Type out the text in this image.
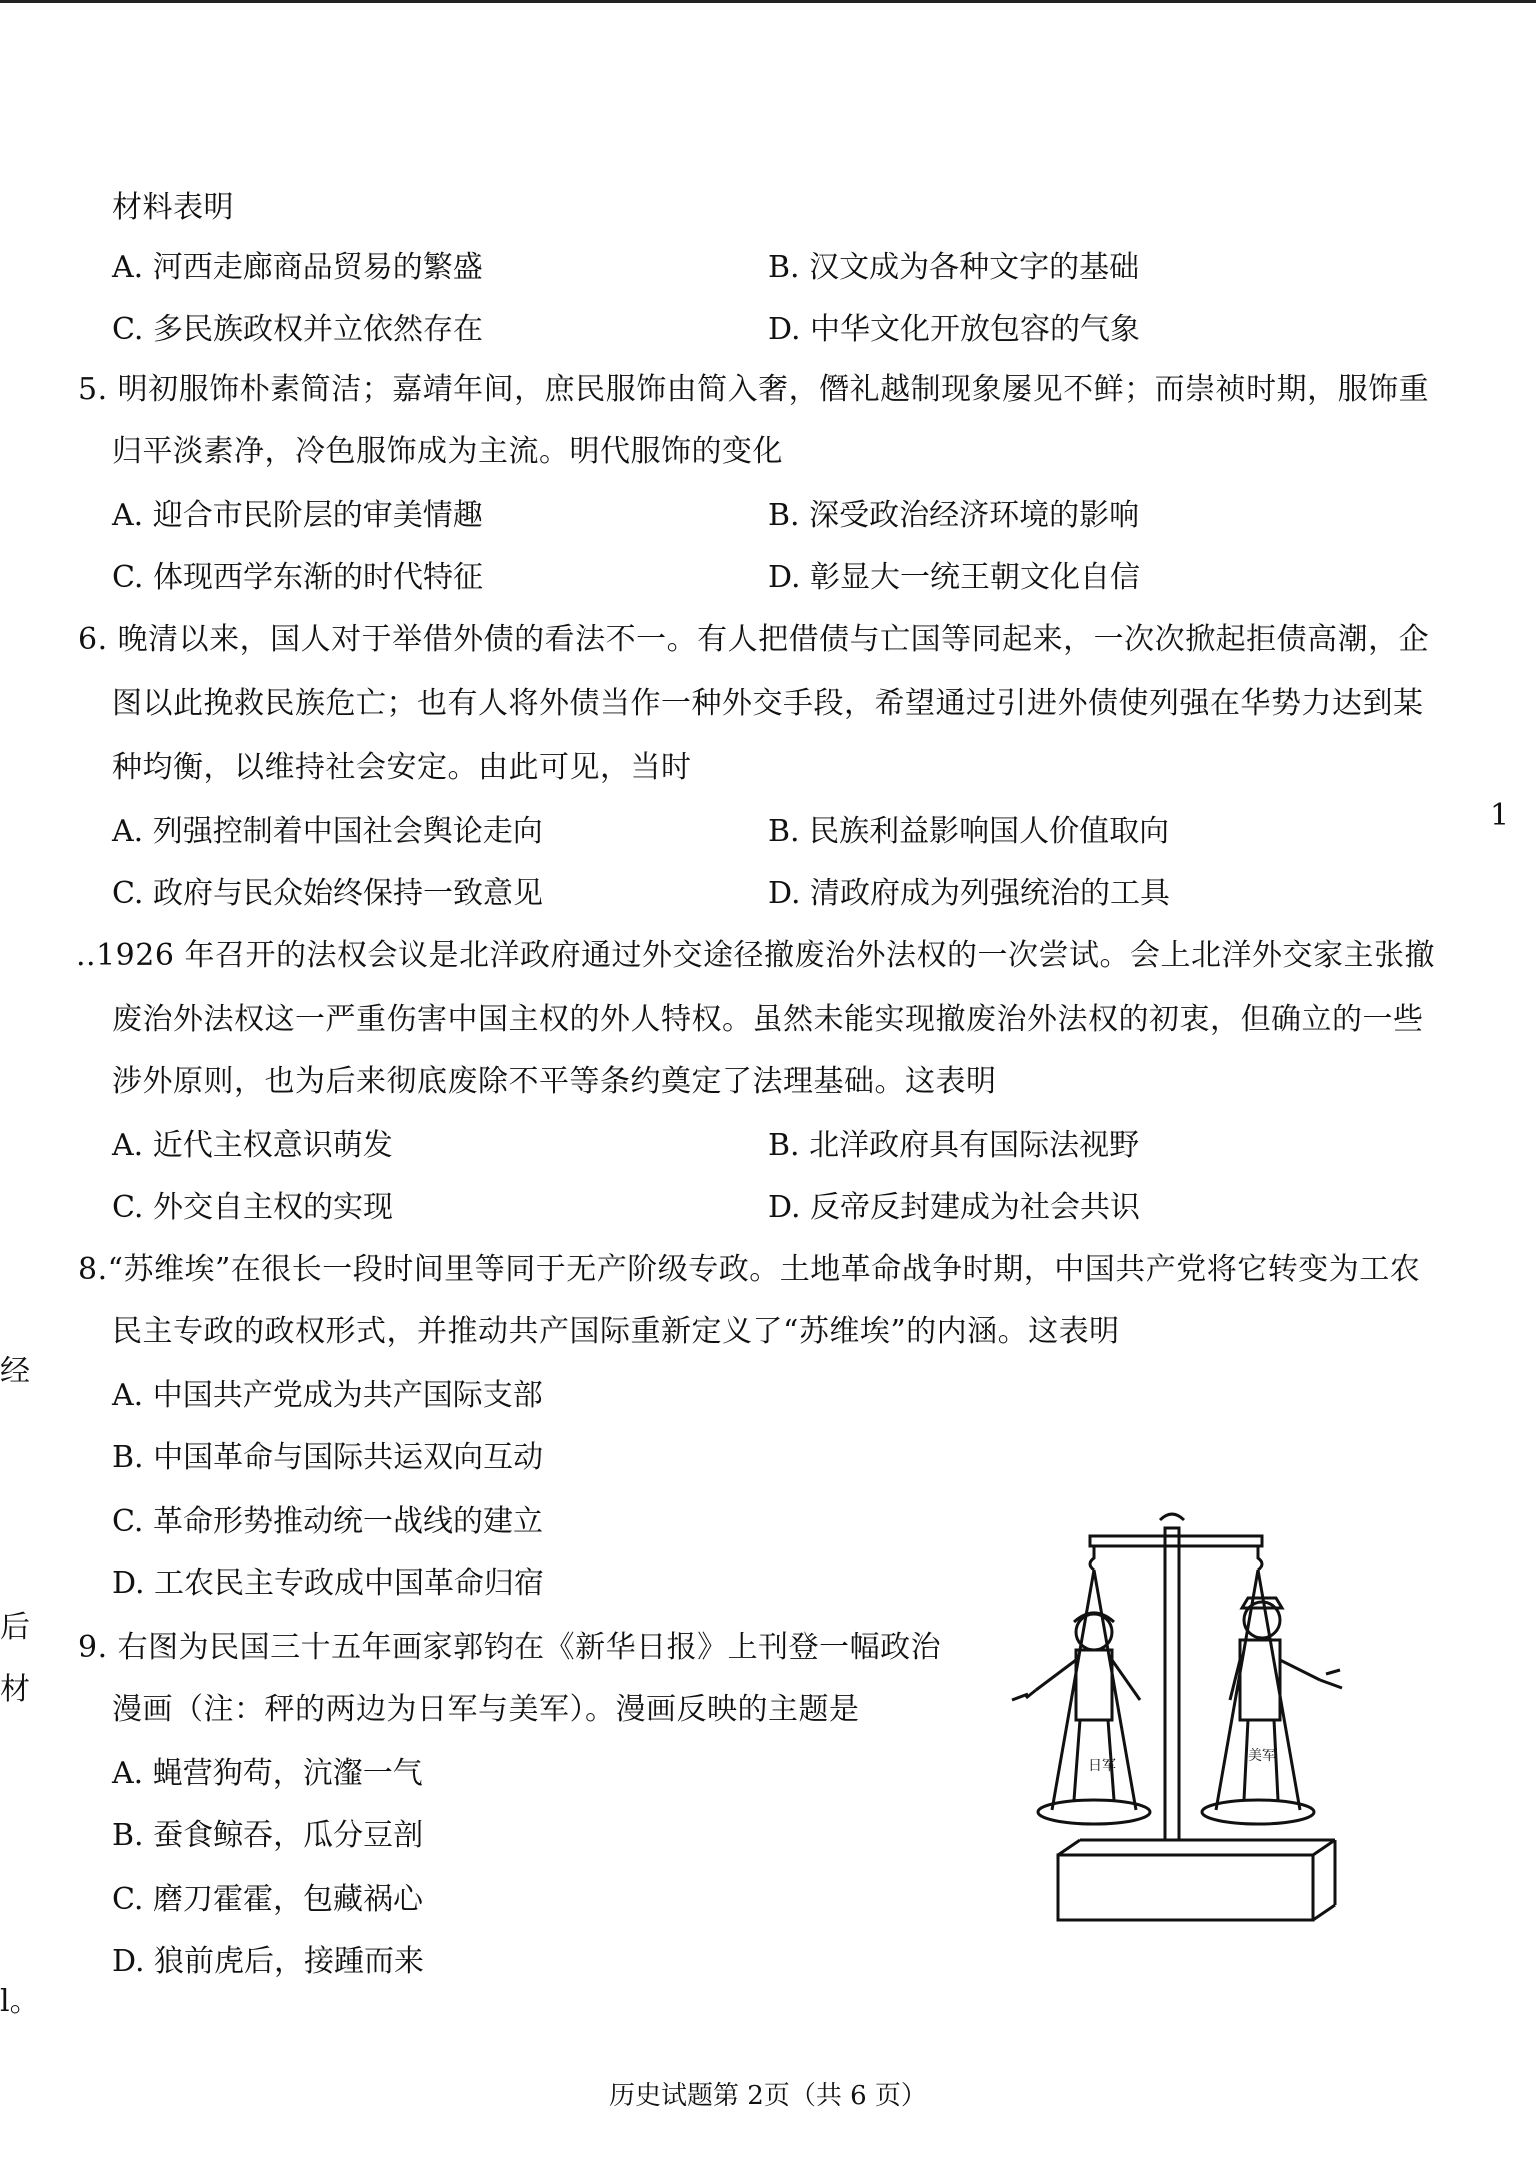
材料表明
A. 河西走廊商品贸易的繁盛	B. 汉文成为各种文字的基础
C. 多民族政权并立依然存在	D. 中华文化开放包容的气象
5. 明初服饰朴素简洁；嘉靖年间，庶民服饰由简入奢，僭礼越制现象屡见不鲜；而崇祯时期，服饰重
归平淡素净，冷色服饰成为主流。明代服饰的变化
A. 迎合市民阶层的审美情趣	B. 深受政治经济环境的影响
C. 体现西学东渐的时代特征	D. 彰显大一统王朝文化自信
6. 晚清以来，国人对于举借外债的看法不一。有人把借债与亡国等同起来，一次次掀起拒债高潮，企
图以此挽救民族危亡；也有人将外债当作一种外交手段，希望通过引进外债使列强在华势力达到某
种均衡，以维持社会安定。由此可见，当时
A. 列强控制着中国社会舆论走向	B. 民族利益影响国人价值取向
C. 政府与民众始终保持一致意见	D. 清政府成为列强统治的工具
..1926 年召开的法权会议是北洋政府通过外交途径撤废治外法权的一次尝试。会上北洋外交家主张撤
废治外法权这一严重伤害中国主权的外人特权。虽然未能实现撤废治外法权的初衷，但确立的一些
涉外原则，也为后来彻底废除不平等条约奠定了法理基础。这表明
A. 近代主权意识萌发	B. 北洋政府具有国际法视野
C. 外交自主权的实现	D. 反帝反封建成为社会共识
8.“苏维埃”在很长一段时间里等同于无产阶级专政。土地革命战争时期，中国共产党将它转变为工农
民主专政的政权形式，并推动共产国际重新定义了“苏维埃”的内涵。这表明
A. 中国共产党成为共产国际支部
B. 中国革命与国际共运双向互动
C. 革命形势推动统一战线的建立
D. 工农民主专政成中国革命归宿
9. 右图为民国三十五年画家郭钧在《新华日报》上刊登一幅政治
漫画（注：秤的两边为日军与美军）。漫画反映的主题是
A. 蝇营狗苟，沆瀣一气
B. 蚕食鲸吞，瓜分豆剖
C. 磨刀霍霍，包藏祸心
D. 狼前虎后，接踵而来
1
经
后
材
l。
日军
美军
历史试题第 2页（共 6 页）
